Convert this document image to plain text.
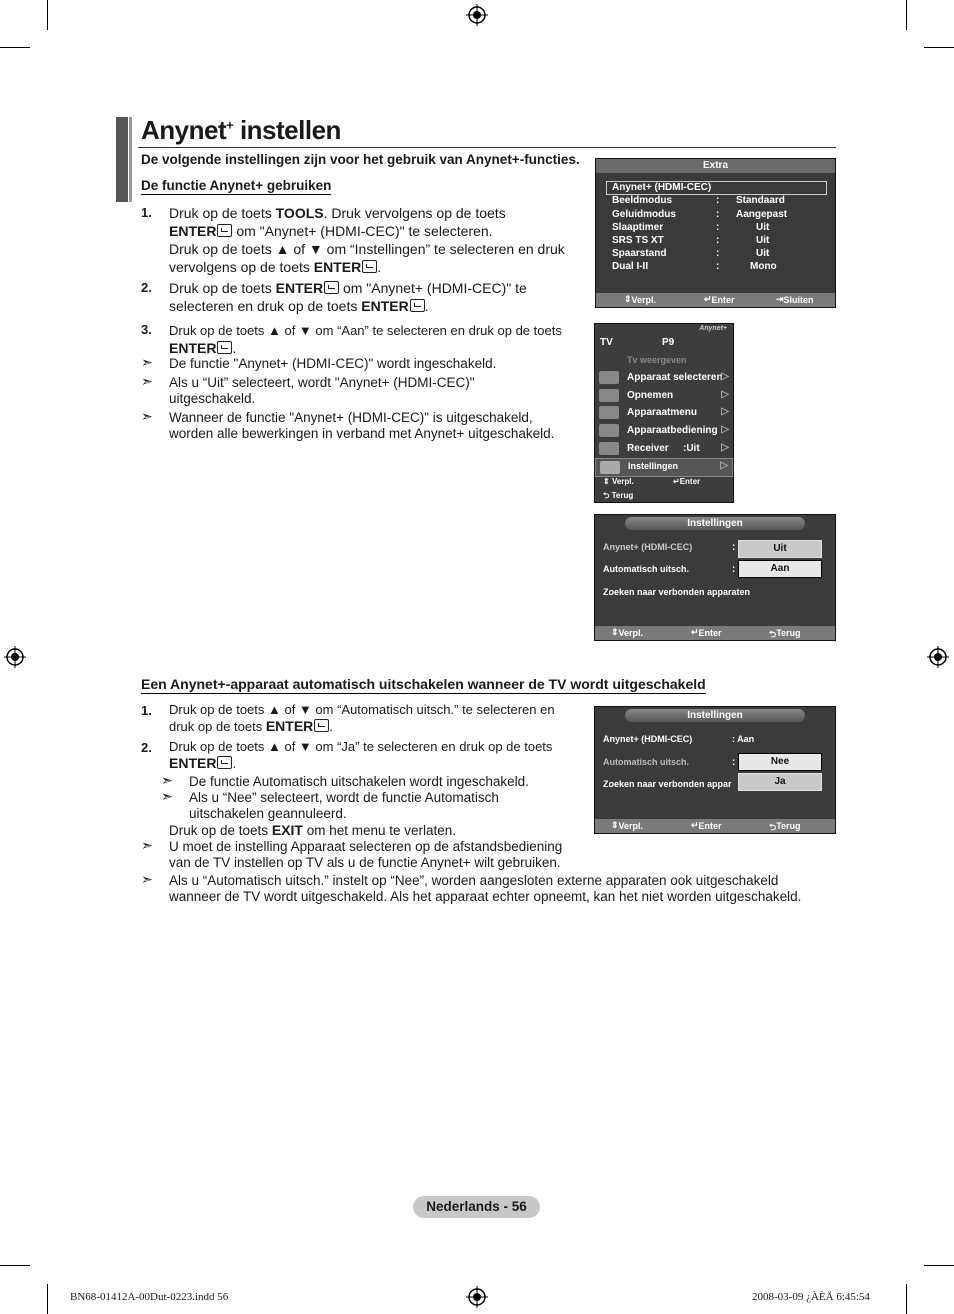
Anynet+ instellen
De volgende instellingen zijn voor het gebruik van Anynet+-functies.
De functie Anynet+ gebruiken
1. Druk op de toets TOOLS. Druk vervolgens op de toets
ENTER om "Anynet+ (HDMI-CEC)" te selecteren.
Druk op de toets ▲ of ▼ om “Instellingen” te selecteren en druk
vervolgens op de toets ENTER .
2. Druk op de toets ENTER om "Anynet+ (HDMI-CEC)" te
selecteren en druk op de toets ENTER .
3. Druk op de toets ▲ of ▼ om “Aan” te selecteren en druk op de toets
ENTER .
➣ De functie "Anynet+ (HDMI-CEC)" wordt ingeschakeld.
➣ Als u “Uit” selecteert, wordt "Anynet+ (HDMI-CEC)"
uitgeschakeld.
➣ Wanneer de functie "Anynet+ (HDMI-CEC)" is uitgeschakeld,
worden alle bewerkingen in verband met Anynet+ uitgeschakeld.
Extra
Anynet+ (HDMI-CEC)
Beeldmodus	: Standaard
Geluidmodus	: Aangepast
Slaaptimer	:	Uit
SRS TS XT	:	Uit
Spaarstand	:	Uit
Dual I-II	:	Mono
⇕ Verpl.	↵ Enter	⇥ Sluiten
Anynet+
TV	P9
Tv weergeven
Apparaat selecteren
▷
Opnemen	▷
Apparaatmenu ▷
Apparaatbediening ▷
Receiver :Uit ▷
Instellingen	▷
⇕ Verpl.	↵Enter
⮌ Terug
Instellingen
Anynet+ (HDMI-CEC)	:	Uit
Automatisch uitsch.	:	Aan
Zoeken naar verbonden apparaten
⇕ Verpl.	↵ Enter	⮌ Terug
Een Anynet+-apparaat automatisch uitschakelen wanneer de TV wordt uitgeschakeld
1. Druk op de toets ▲ of ▼ om “Automatisch uitsch.” te selecteren en
druk op de toets ENTER .
2. Druk op de toets ▲ of ▼ om “Ja” te selecteren en druk op de toets
ENTER .
➣ De functie Automatisch uitschakelen wordt ingeschakeld.
➣ Als u “Nee” selecteert, wordt de functie Automatisch
uitschakelen geannuleerd.
Druk op de toets EXIT om het menu te verlaten.
➣ U moet de instelling Apparaat selecteren op de afstandsbediening
van de TV instellen op TV als u de functie Anynet+ wilt gebruiken.
➣ Als u “Automatisch uitsch.” instelt op “Nee”, worden aangesloten externe apparaten ook uitgeschakeld
wanneer de TV wordt uitgeschakeld. Als het apparaat echter opneemt, kan het niet worden uitgeschakeld.
Instellingen
Anynet+ (HDMI-CEC)	: Aan
Automatisch uitsch.	:	Nee
Zoeken naar verbonden appar	Ja
⇕ Verpl.	↵ Enter	⮌ Terug
Nederlands - 56
BN68-01412A-00Dut-0223.indd 56	2008-03-09 ¿ÀÈÄ 6:45:54
